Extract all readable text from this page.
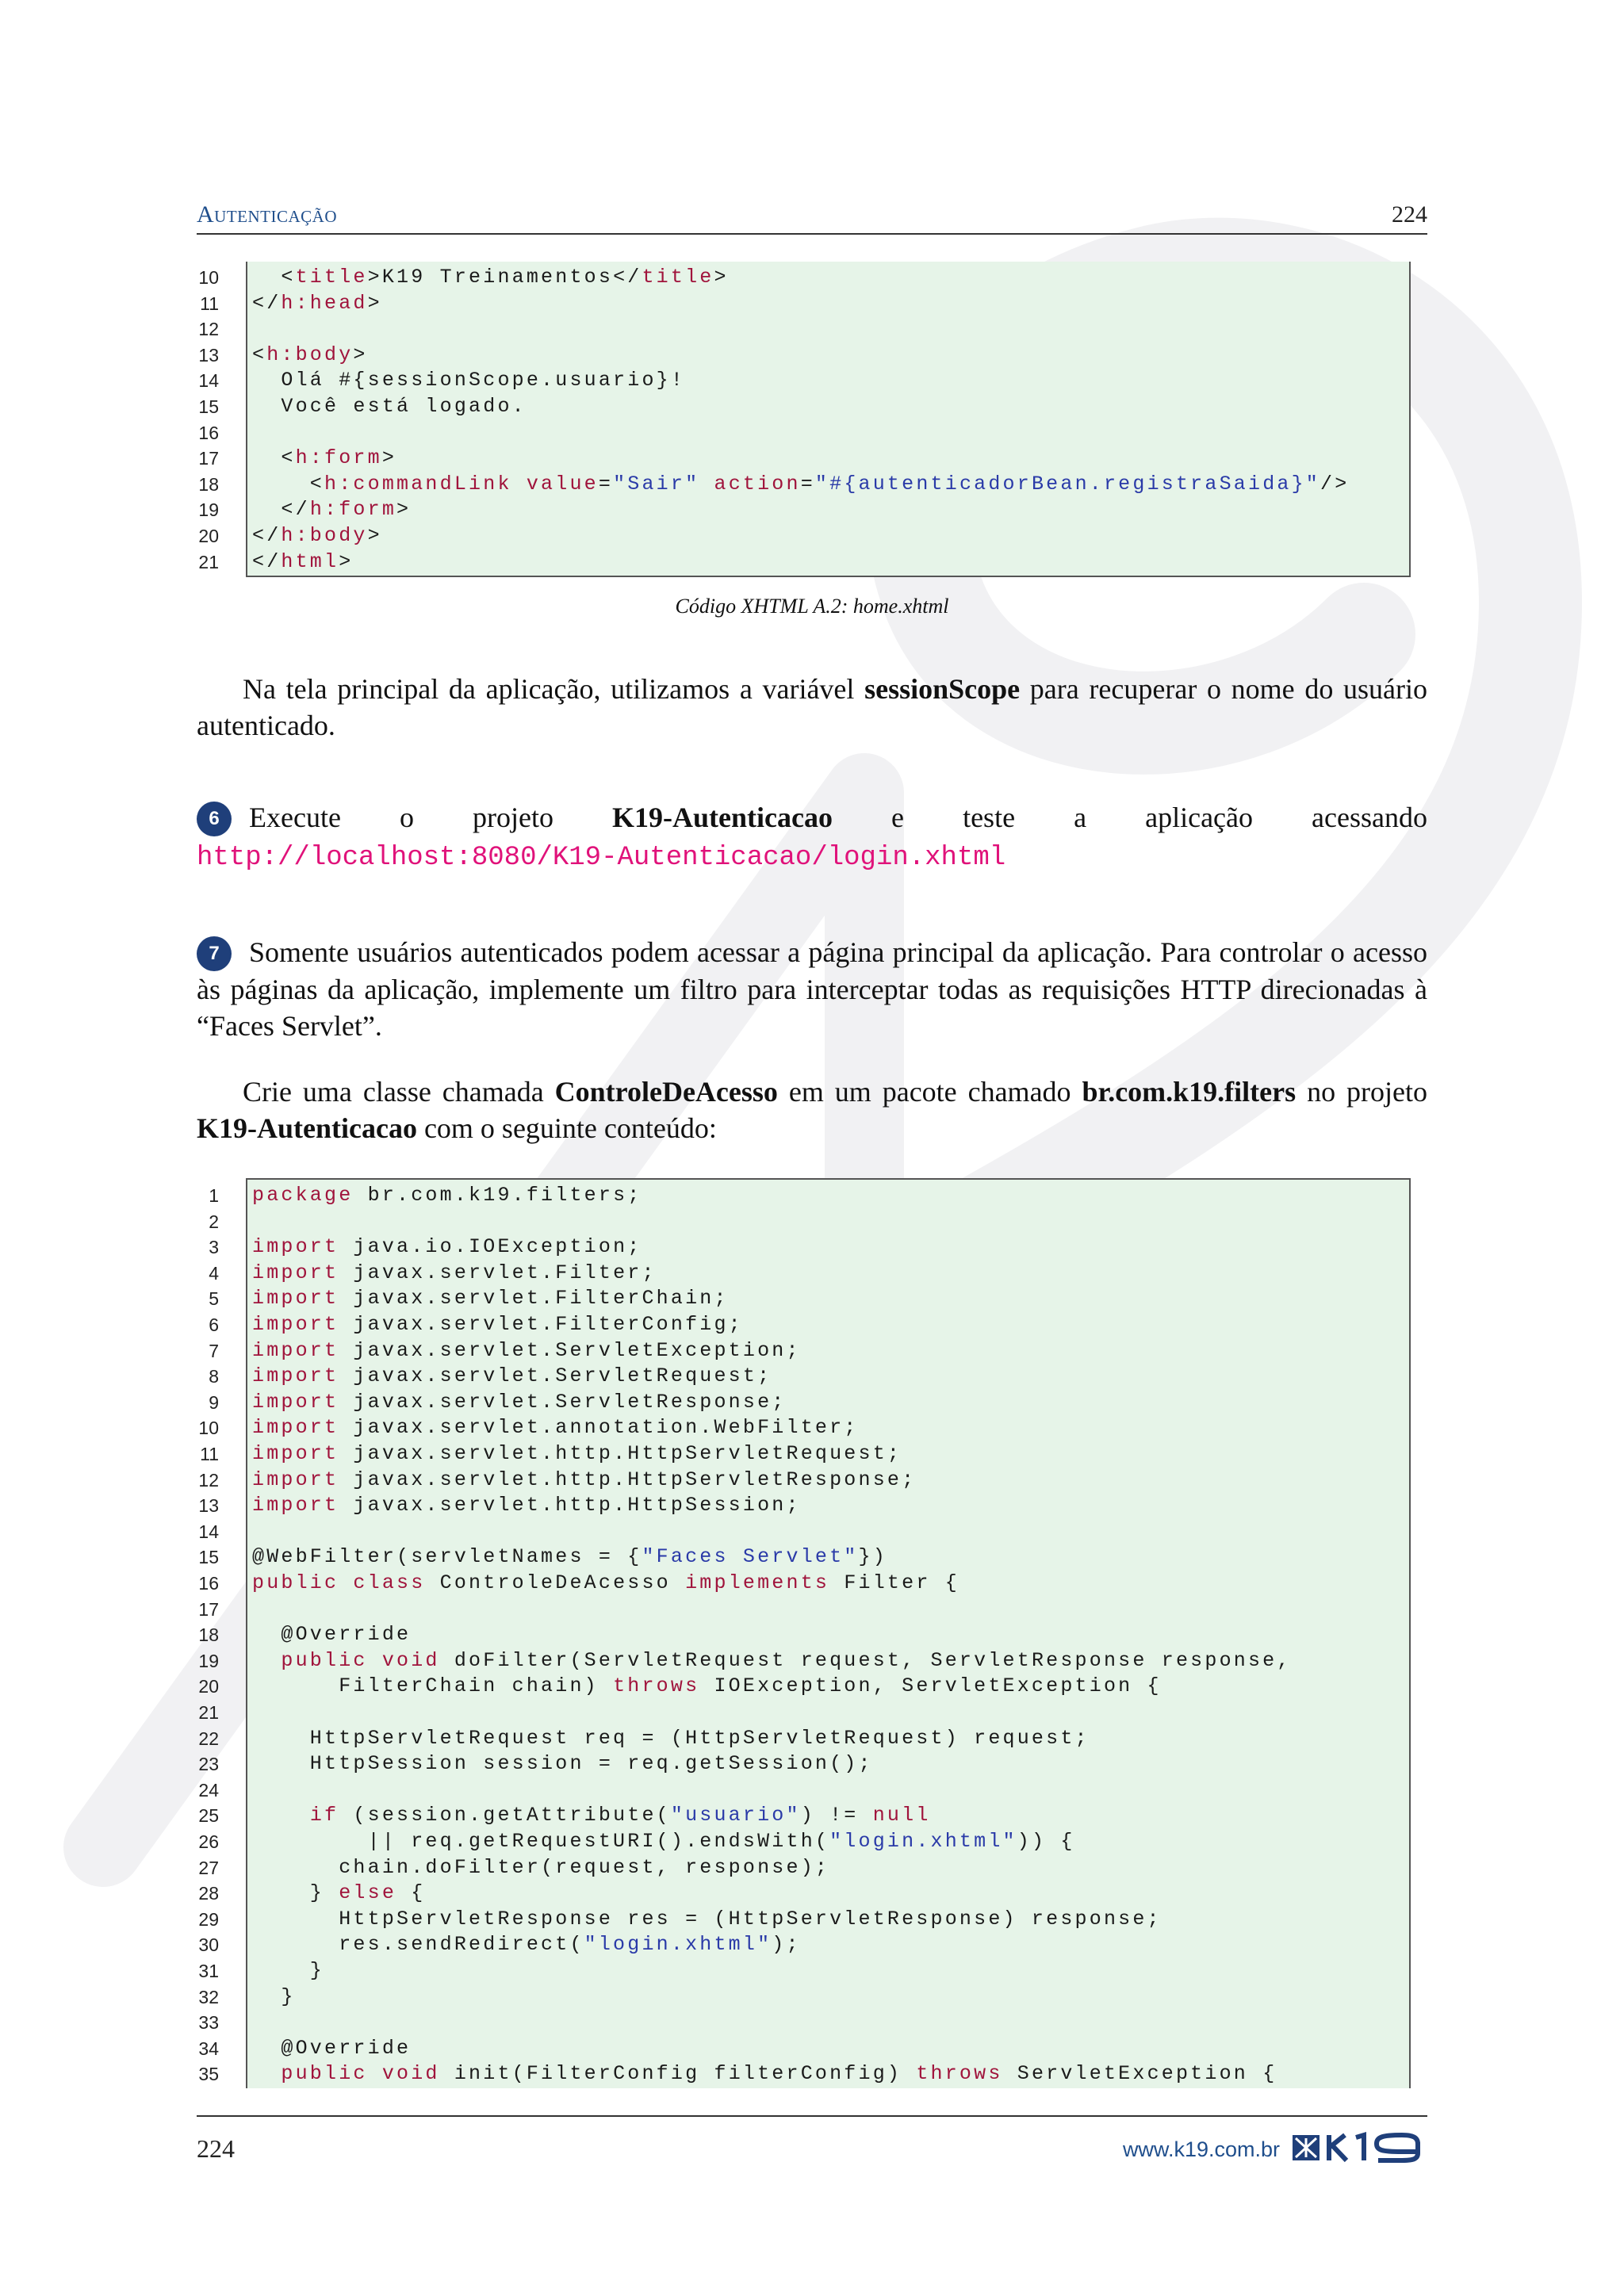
Autenticação	224
10 <title>K19 Treinamentos</title>
11 </h:head>
12
13 <h:body>
14 Olá #{sessionScope.usuario}!
15 Você está logado.
16
17 <h:form>
18 <h:commandLink value="Sair" action="#{autenticadorBean.registraSaida}"/>
19 </h:form>
20 </h:body>
21 </html>
Código XHTML A.2: home.xhtml
Na tela principal da aplicação, utilizamos a variável sessionScope para recuperar o nome do usuário autenticado.
6 Execute o projeto K19-Autenticacao e teste a aplicação acessando http://localhost:8080/K19-Autenticacao/login.xhtml
7 Somente usuários autenticados podem acessar a página principal da aplicação. Para controlar o acesso às páginas da aplicação, implemente um filtro para interceptar todas as requisições HTTP direcionadas à “Faces Servlet”.
Crie uma classe chamada ControleDeAcesso em um pacote chamado br.com.k19.filters no projeto K19-Autenticacao com o seguinte conteúdo:
1 package br.com.k19.filters;
2
3 import java.io.IOException;
4 import javax.servlet.Filter;
5 import javax.servlet.FilterChain;
6 import javax.servlet.FilterConfig;
7 import javax.servlet.ServletException;
8 import javax.servlet.ServletRequest;
9 import javax.servlet.ServletResponse;
10 import javax.servlet.annotation.WebFilter;
11 import javax.servlet.http.HttpServletRequest;
12 import javax.servlet.http.HttpServletResponse;
13 import javax.servlet.http.HttpSession;
14
15 @WebFilter(servletNames = {"Faces Servlet"})
16 public class ControleDeAcesso implements Filter {
17
18 @Override
19	public void doFilter(ServletRequest request, ServletResponse response,
20 FilterChain chain) throws IOException, ServletException {
21
22 HttpServletRequest req = (HttpServletRequest) request;
23 HttpSession session = req.getSession();
24
25	if (session.getAttribute("usuario") != null
26 || req.getRequestURI().endsWith("login.xhtml")) {
27 chain.doFilter(request, response);
28 } else {
29 HttpServletResponse res = (HttpServletResponse) response;
30 res.sendRedirect("login.xhtml");
31 }
32 }
33
34 @Override
35	public void init(FilterConfig filterConfig) throws ServletException {
224	www.k19.com.br
